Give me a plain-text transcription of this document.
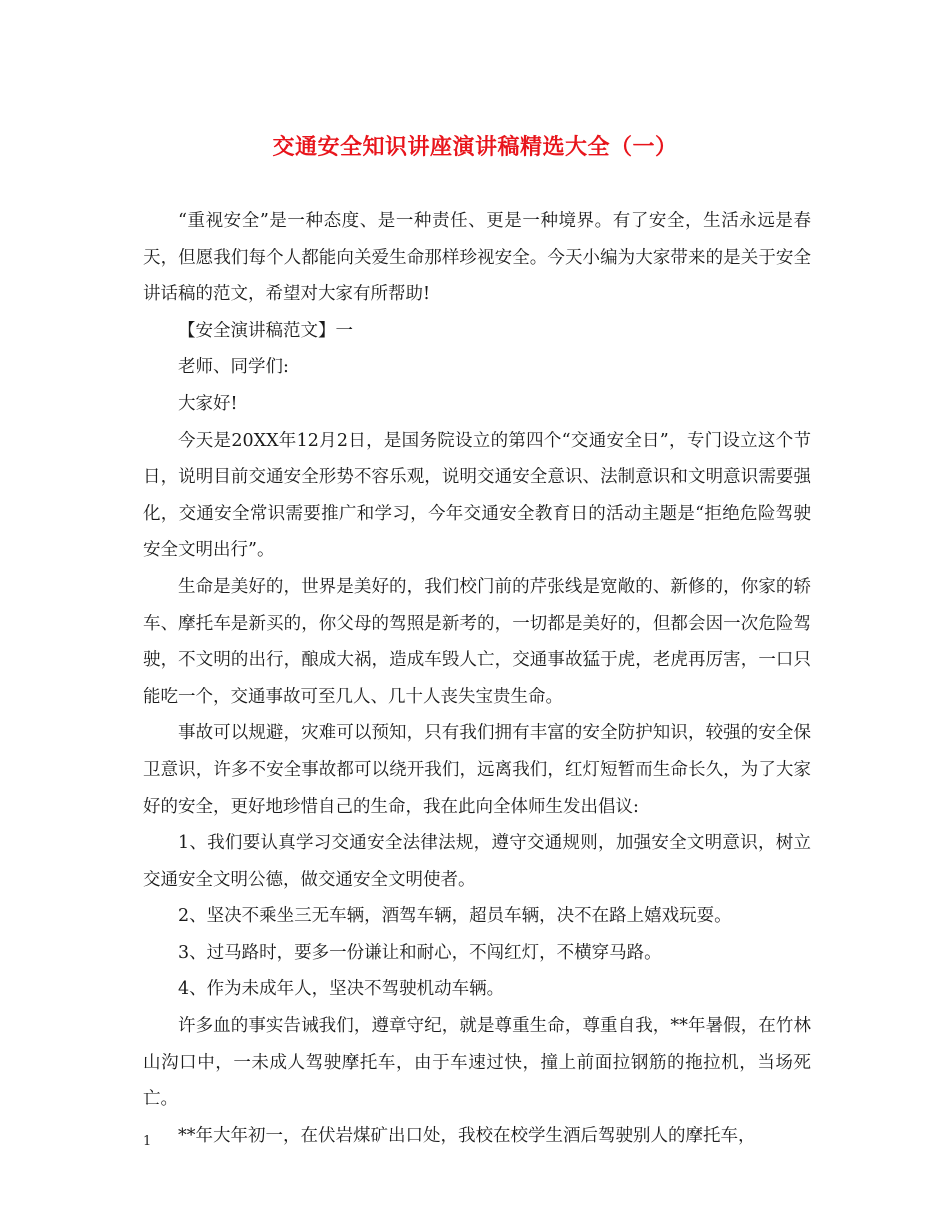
交通安全知识讲座演讲稿精选大全（一）

“重视安全”是一种态度、是一种责任、更是一种境界。有了安全，生活永远是春天，但愿我们每个人都能向关爱生命那样珍视安全。今天小编为大家带来的是关于安全讲话稿的范文，希望对大家有所帮助!

【安全演讲稿范文】一

老师、同学们:

大家好!

今天是20XX年12月2日，是国务院设立的第四个“交通安全日”，专门设立这个节日，说明目前交通安全形势不容乐观，说明交通安全意识、法制意识和文明意识需要强化，交通安全常识需要推广和学习，今年交通安全教育日的活动主题是“拒绝危险驾驶 安全文明出行”。

生命是美好的，世界是美好的，我们校门前的芹张线是宽敞的、新修的，你家的轿车、摩托车是新买的，你父母的驾照是新考的，一切都是美好的，但都会因一次危险驾驶，不文明的出行，酿成大祸，造成车毁人亡，交通事故猛于虎，老虎再厉害，一口只能吃一个，交通事故可至几人、几十人丧失宝贵生命。

事故可以规避，灾难可以预知，只有我们拥有丰富的安全防护知识，较强的安全保卫意识，许多不安全事故都可以绕开我们，远离我们，红灯短暂而生命长久，为了大家好的安全，更好地珍惜自己的生命，我在此向全体师生发出倡议:

1、我们要认真学习交通安全法律法规，遵守交通规则，加强安全文明意识，树立交通安全文明公德，做交通安全文明使者。

2、坚决不乘坐三无车辆，酒驾车辆，超员车辆，决不在路上嬉戏玩耍。

3、过马路时，要多一份谦让和耐心，不闯红灯，不横穿马路。

4、作为未成年人，坚决不驾驶机动车辆。

许多血的事实告诫我们，遵章守纪，就是尊重生命，尊重自我，**年暑假，在竹林山沟口中，一未成人驾驶摩托车，由于车速过快，撞上前面拉钢筋的拖拉机，当场死亡。

**年大年初一，在伏岩煤矿出口处，我校在校学生酒后驾驶别人的摩托车，

1
